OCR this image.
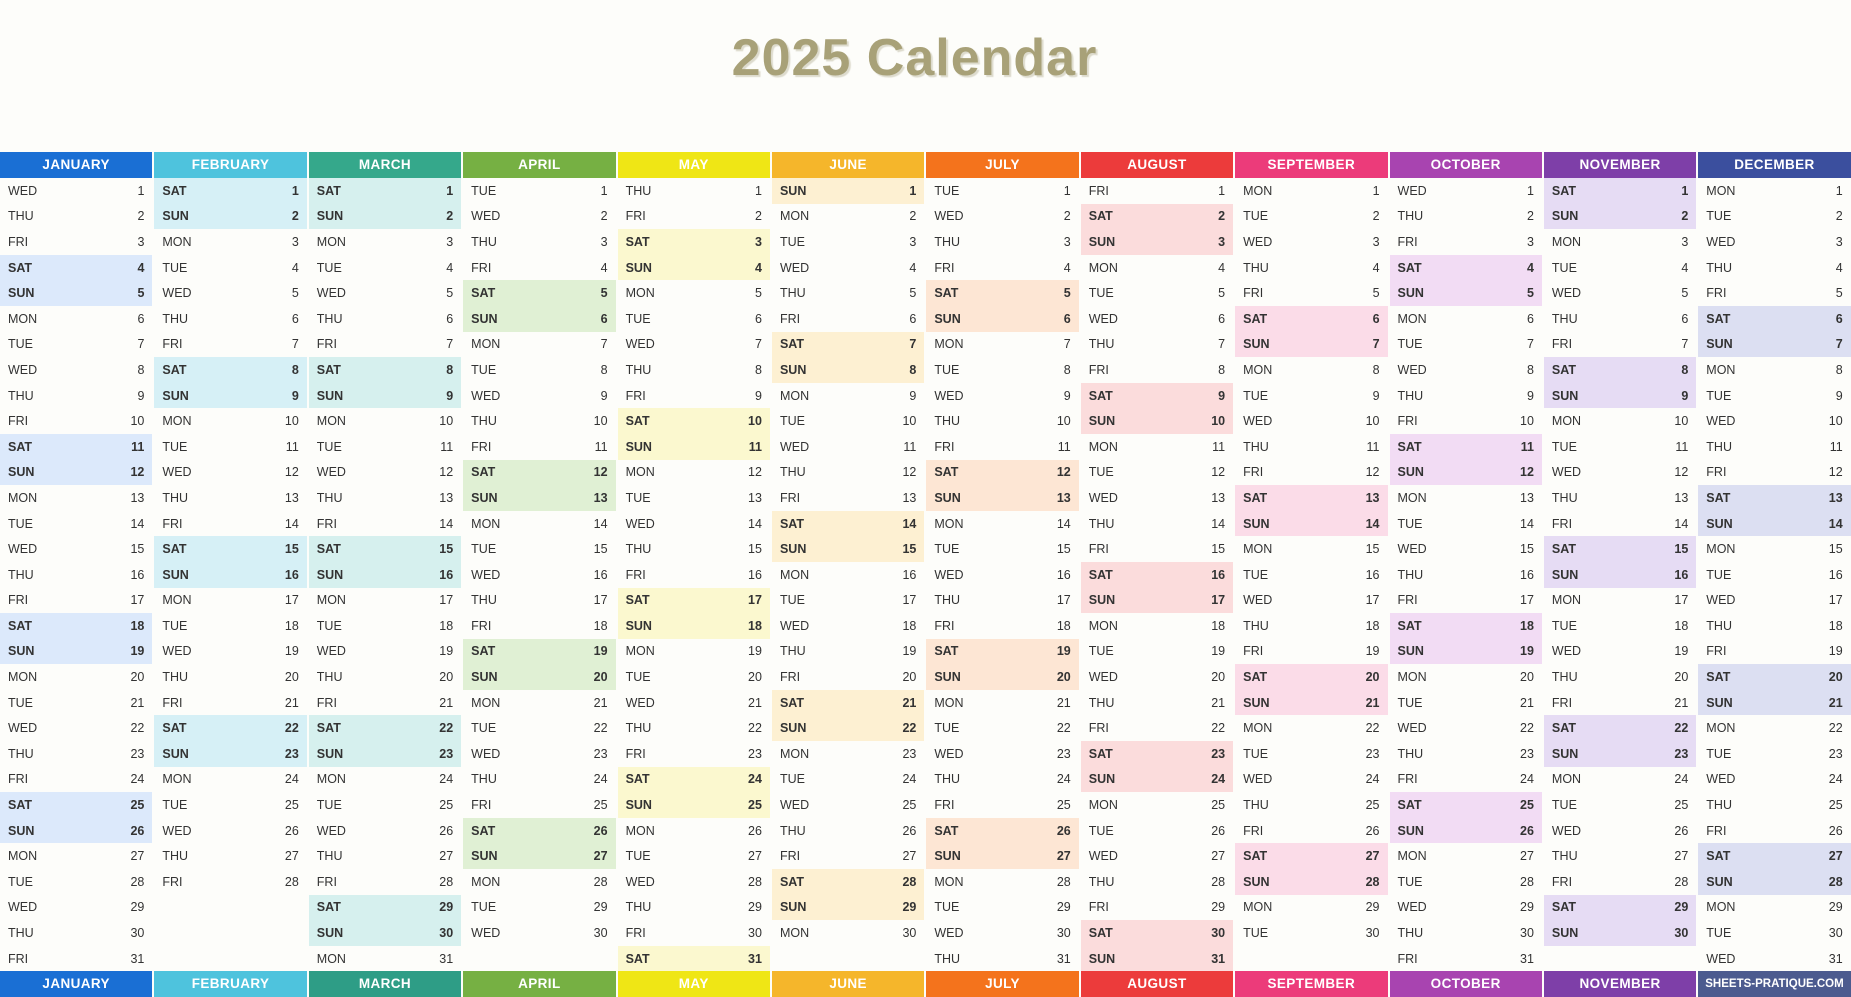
2025 Calendar
JANUARY
WED	1
THU	2
FRI	3
SAT	4
SUN	5
MON	6
TUE	7
WED	8
THU	9
FRI	10
SAT	11
SUN	12
MON	13
TUE	14
WED	15
THU	16
FRI	17
SAT	18
SUN	19
MON	20
TUE	21
WED	22
THU	23
FRI	24
SAT	25
SUN	26
MON	27
TUE	28
WED	29
THU	30
FRI	31
JANUARY

FEBRUARY
SAT	1
SUN	2
MON	3
TUE	4
WED	5
THU	6
FRI	7
SAT	8
SUN	9
MON	10
TUE	11
WED	12
THU	13
FRI	14
SAT	15
SUN	16
MON	17
TUE	18
WED	19
THU	20
FRI	21
SAT	22
SUN	23
MON	24
TUE	25
WED	26
THU	27
FRI	28

FEBRUARY

MARCH
SAT	1
SUN	2
MON	3
TUE	4
WED	5
THU	6
FRI	7
SAT	8
SUN	9
MON	10
TUE	11
WED	12
THU	13
FRI	14
SAT	15
SUN	16
MON	17
TUE	18
WED	19
THU	20
FRI	21
SAT	22
SUN	23
MON	24
TUE	25
WED	26
THU	27
FRI	28
SAT	29
SUN	30
MON	31
MARCH

APRIL
TUE	1
WED	2
THU	3
FRI	4
SAT	5
SUN	6
MON	7
TUE	8
WED	9
THU	10
FRI	11
SAT	12
SUN	13
MON	14
TUE	15
WED	16
THU	17
FRI	18
SAT	19
SUN	20
MON	21
TUE	22
WED	23
THU	24
FRI	25
SAT	26
SUN	27
MON	28
TUE	29
WED	30

APRIL

MAY
THU	1
FRI	2
SAT	3
SUN	4
MON	5
TUE	6
WED	7
THU	8
FRI	9
SAT	10
SUN	11
MON	12
TUE	13
WED	14
THU	15
FRI	16
SAT	17
SUN	18
MON	19
TUE	20
WED	21
THU	22
FRI	23
SAT	24
SUN	25
MON	26
TUE	27
WED	28
THU	29
FRI	30
SAT	31
MAY

JUNE
SUN	1
MON	2
TUE	3
WED	4
THU	5
FRI	6
SAT	7
SUN	8
MON	9
TUE	10
WED	11
THU	12
FRI	13
SAT	14
SUN	15
MON	16
TUE	17
WED	18
THU	19
FRI	20
SAT	21
SUN	22
MON	23
TUE	24
WED	25
THU	26
FRI	27
SAT	28
SUN	29
MON	30

JUNE

JULY
TUE	1
WED	2
THU	3
FRI	4
SAT	5
SUN	6
MON	7
TUE	8
WED	9
THU	10
FRI	11
SAT	12
SUN	13
MON	14
TUE	15
WED	16
THU	17
FRI	18
SAT	19
SUN	20
MON	21
TUE	22
WED	23
THU	24
FRI	25
SAT	26
SUN	27
MON	28
TUE	29
WED	30
THU	31
JULY

AUGUST
FRI	1
SAT	2
SUN	3
MON	4
TUE	5
WED	6
THU	7
FRI	8
SAT	9
SUN	10
MON	11
TUE	12
WED	13
THU	14
FRI	15
SAT	16
SUN	17
MON	18
TUE	19
WED	20
THU	21
FRI	22
SAT	23
SUN	24
MON	25
TUE	26
WED	27
THU	28
FRI	29
SAT	30
SUN	31
AUGUST

SEPTEMBER
MON	1
TUE	2
WED	3
THU	4
FRI	5
SAT	6
SUN	7
MON	8
TUE	9
WED	10
THU	11
FRI	12
SAT	13
SUN	14
MON	15
TUE	16
WED	17
THU	18
FRI	19
SAT	20
SUN	21
MON	22
TUE	23
WED	24
THU	25
FRI	26
SAT	27
SUN	28
MON	29
TUE	30

SEPTEMBER

OCTOBER
WED	1
THU	2
FRI	3
SAT	4
SUN	5
MON	6
TUE	7
WED	8
THU	9
FRI	10
SAT	11
SUN	12
MON	13
TUE	14
WED	15
THU	16
FRI	17
SAT	18
SUN	19
MON	20
TUE	21
WED	22
THU	23
FRI	24
SAT	25
SUN	26
MON	27
TUE	28
WED	29
THU	30
FRI	31
OCTOBER

NOVEMBER
SAT	1
SUN	2
MON	3
TUE	4
WED	5
THU	6
FRI	7
SAT	8
SUN	9
MON	10
TUE	11
WED	12
THU	13
FRI	14
SAT	15
SUN	16
MON	17
TUE	18
WED	19
THU	20
FRI	21
SAT	22
SUN	23
MON	24
TUE	25
WED	26
THU	27
FRI	28
SAT	29
SUN	30

NOVEMBER

DECEMBER
MON	1
TUE	2
WED	3
THU	4
FRI	5
SAT	6
SUN	7
MON	8
TUE	9
WED	10
THU	11
FRI	12
SAT	13
SUN	14
MON	15
TUE	16
WED	17
THU	18
FRI	19
SAT	20
SUN	21
MON	22
TUE	23
WED	24
THU	25
FRI	26
SAT	27
SUN	28
MON	29
TUE	30
WED	31
SHEETS-PRATIQUE.COM
